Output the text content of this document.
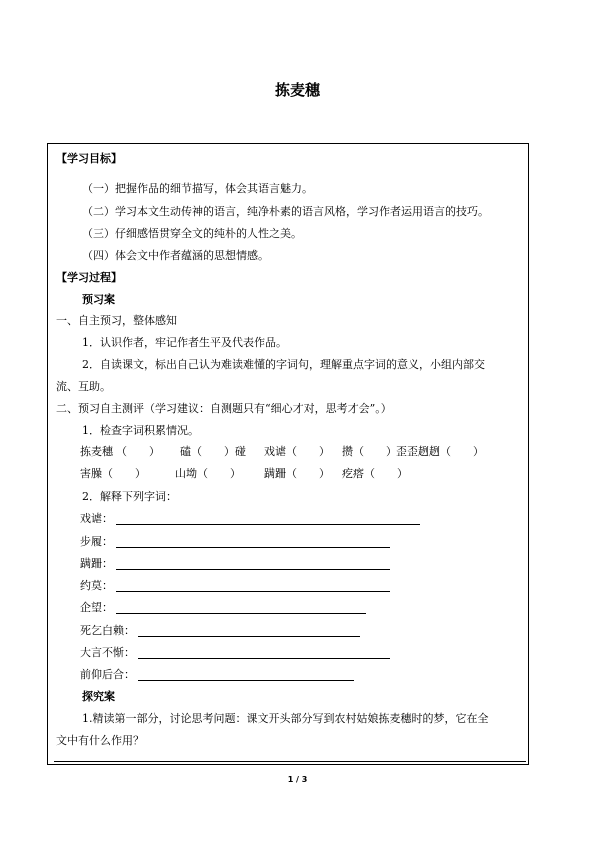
拣麦穗
【学习目标】
（一）把握作品的细节描写，体会其语言魅力。
（二）学习本文生动传神的语言，纯净朴素的语言风格，学习作者运用语言的技巧。
（三）仔细感悟贯穿全文的纯朴的人性之美。
（四）体会文中作者蕴涵的思想情感。
【学习过程】
预习案
一、自主预习，整体感知
1．认识作者，牢记作者生平及代表作品。
2．自读课文，标出自己认为难读难懂的字词句，理解重点字词的意义，小组内部交
流、互助。
二、预习自主测评（学习建议：自测题只有“细心才对，思考才会”。）
1．检查字词积累情况。
拣麦穗 （　　） 磕（　　）碰 戏谑（　　） 攒（　　） 歪歪趔趔（　　）
害臊（　　）	山坳（　　） 蹒跚（　　） 疙瘩（　　）
2．解释下列字词：
戏谑：
步履：
蹒跚：
约莫：
企望：
死乞白赖：
大言不惭：
前仰后合：
探究案
1.精读第一部分，讨论思考问题：课文开头部分写到农村姑娘拣麦穗时的梦，它在全
文中有什么作用？
1 / 3
